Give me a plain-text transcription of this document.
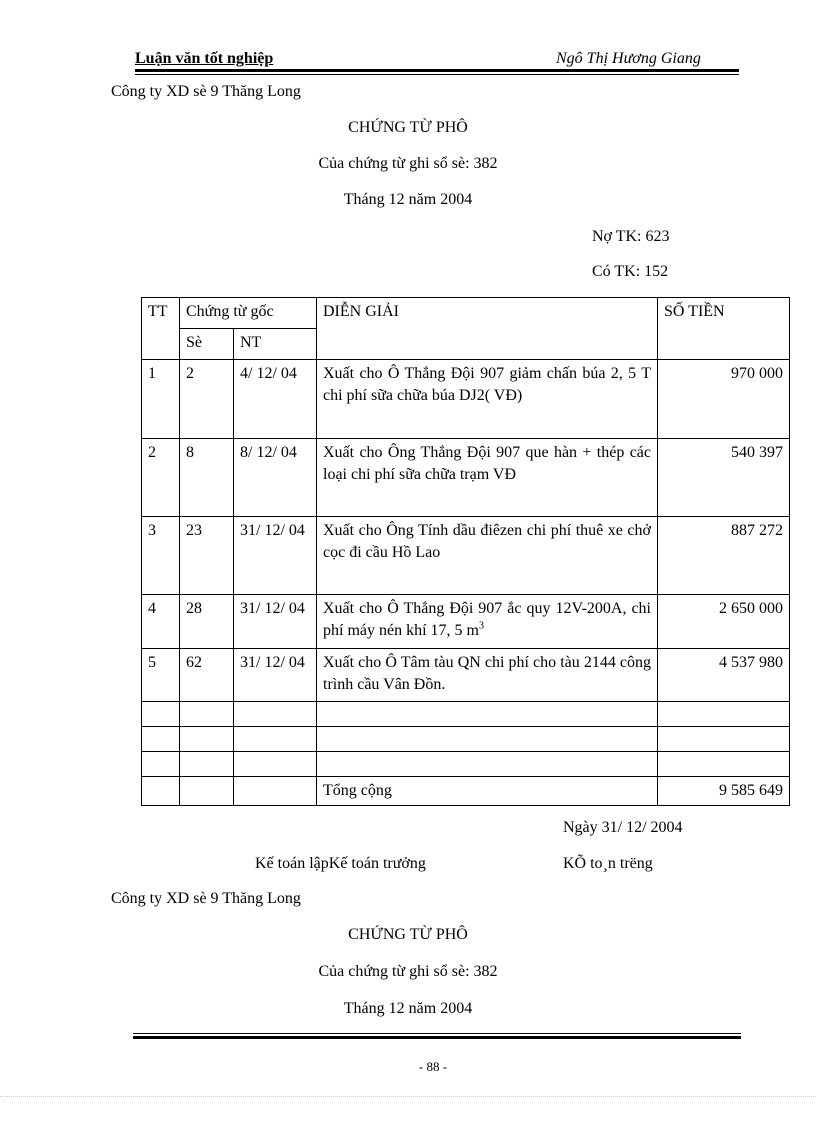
Luận văn tốt nghiệp	Ngô Thị Hương Giang
Công ty XD sè 9 Thăng Long
CHỨNG TỪ PHÔ
Của chứng từ ghi sổ sè: 382
Tháng 12 năm 2004
Nợ TK: 623
Có TK: 152
TT	Chứng từ gốc		DIỄN GIẢI	SỐ TIỀN
	Sè	NT		
1	2	4/ 12/ 04	Xuất cho Ô Thắng Đội 907 giảm chấn búa 2, 5 T chi phí sữa chữa búa DJ2( VĐ)	970 000
2	8	8/ 12/ 04	Xuất cho Ông Thắng Đội 907 que hàn + thép các loại chi phí sữa chữa trạm VĐ	540 397
3	23	31/ 12/ 04	Xuất cho Ông Tính dầu điêzen chi phí thuê xe chở cọc đi cầu Hồ Lao	887 272
4	28	31/ 12/ 04	Xuất cho Ô Thắng Đội 907 ắc quy 12V-200A, chi phí máy nén khí 17, 5 $m^3$	2 650 000
5	62	31/ 12/ 04	Xuất cho Ô Tâm tàu QN chi phí cho tàu 2144 công trình cầu Vân Đồn.	4 537 980

			Tổng cộng	9 585 649
Ngày 31/ 12/ 2004
Kế toán lậpKế toán trưởng	KÕ to¸n trëng
Công ty XD sè 9 Thăng Long
CHỨNG TỪ PHÔ
Của chứng từ ghi sổ sè: 382
Tháng 12 năm 2004
- 88 -
